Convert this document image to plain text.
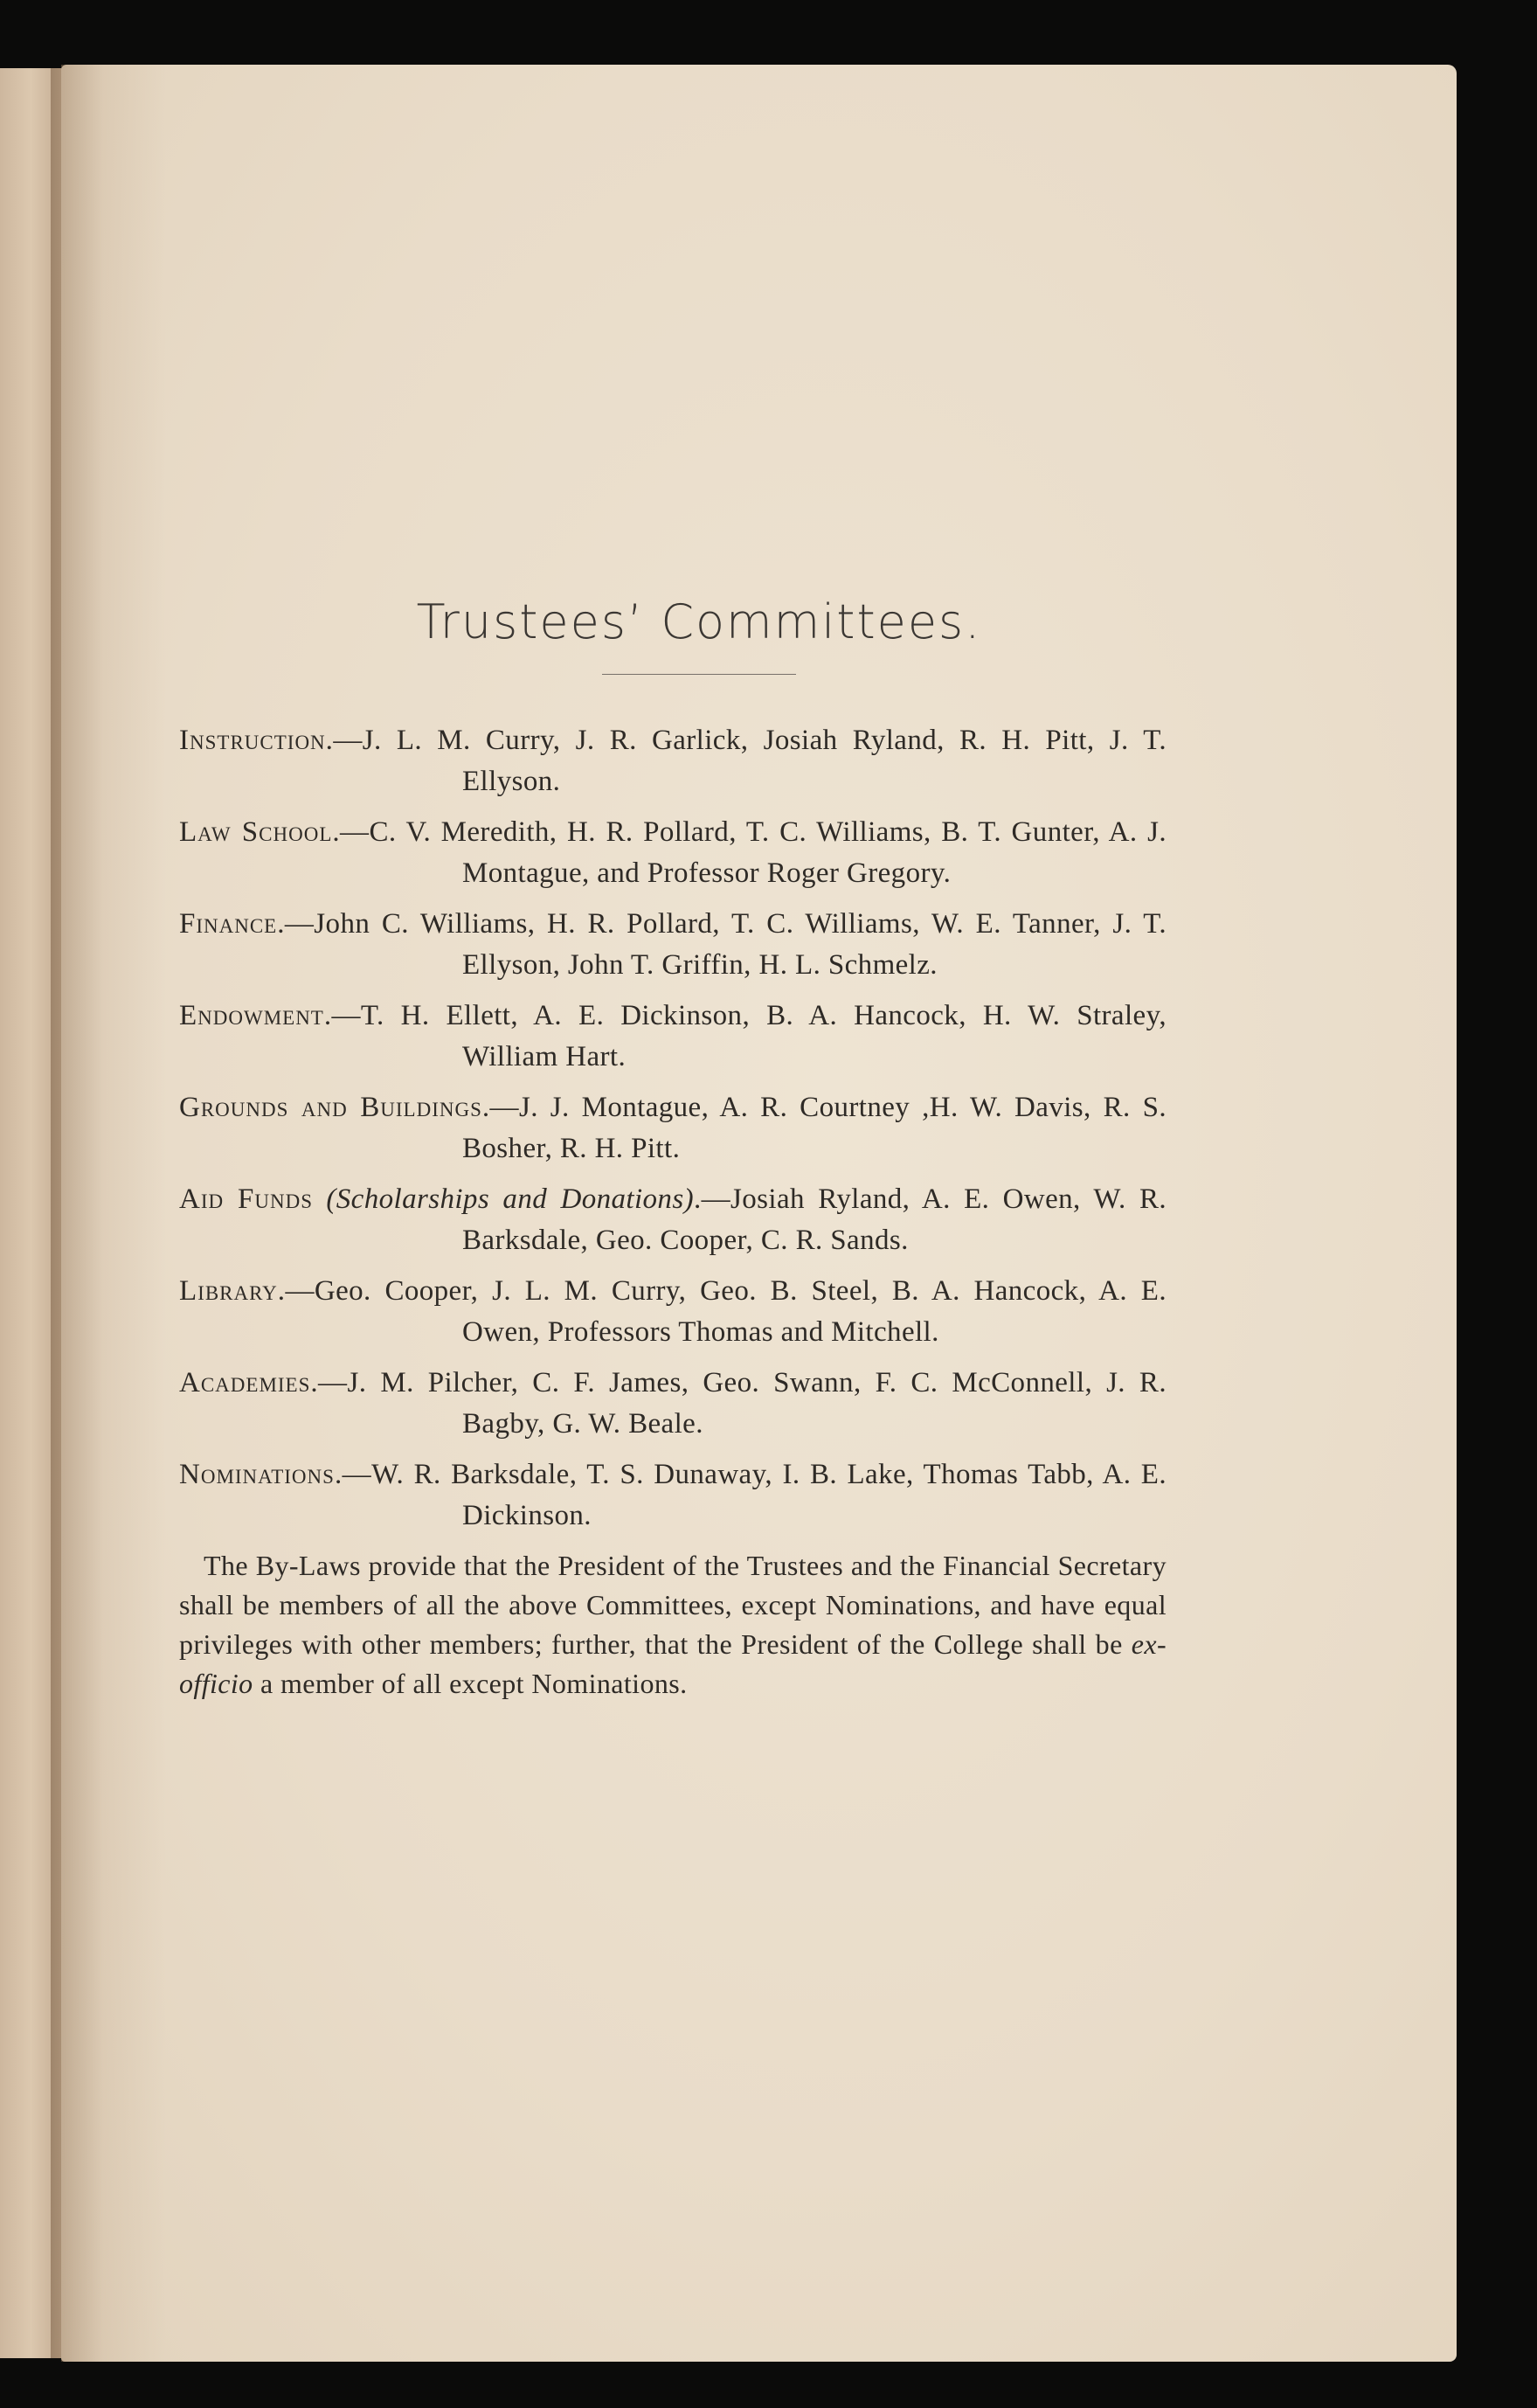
Trustees’ Committees.

Instruction.—J. L. M. Curry, J. R. Garlick, Josiah Ryland, R. H. Pitt, J. T. Ellyson.

Law School.—C. V. Meredith, H. R. Pollard, T. C. Williams, B. T. Gunter, A. J. Montague, and Professor Roger Gregory.

Finance.—John C. Williams, H. R. Pollard, T. C. Williams, W. E. Tanner, J. T. Ellyson, John T. Griffin, H. L. Schmelz.

Endowment.—T. H. Ellett, A. E. Dickinson, B. A. Hancock, H. W. Straley, William Hart.

Grounds and Buildings.—J. J. Montague, A. R. Courtney ,H. W. Davis, R. S. Bosher, R. H. Pitt.

Aid Funds (Scholarships and Donations).—Josiah Ryland, A. E. Owen, W. R. Barksdale, Geo. Cooper, C. R. Sands.

Library.—Geo. Cooper, J. L. M. Curry, Geo. B. Steel, B. A. Hancock, A. E. Owen, Professors Thomas and Mitchell.

Academies.—J. M. Pilcher, C. F. James, Geo. Swann, F. C. McConnell, J. R. Bagby, G. W. Beale.

Nominations.—W. R. Barksdale, T. S. Dunaway, I. B. Lake, Thomas Tabb, A. E. Dickinson.

The By-Laws provide that the President of the Trustees and the Financial Secretary shall be members of all the above Committees, except Nominations, and have equal privileges with other members; further, that the President of the College shall be ex-officio a member of all except Nominations.
